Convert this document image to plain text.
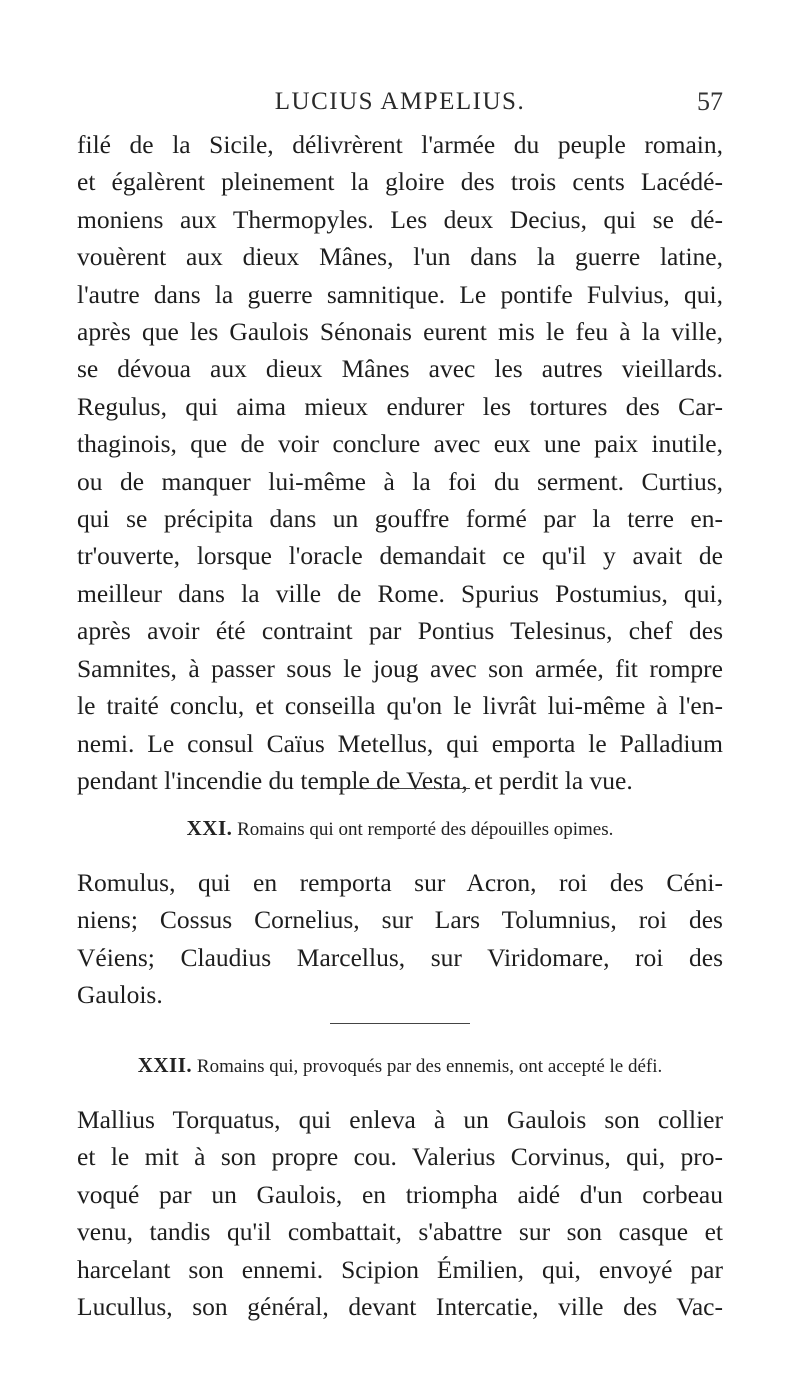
LUCIUS AMPELIUS.	57
filé de la Sicile, délivrèrent l'armée du peuple romain,
et égalèrent pleinement la gloire des trois cents Lacédé-
moniens aux Thermopyles. Les deux Decius, qui se dé-
vouèrent aux dieux Mânes, l'un dans la guerre latine,
l'autre dans la guerre samnitique. Le pontife Fulvius, qui,
après que les Gaulois Sénonais eurent mis le feu à la ville,
se dévoua aux dieux Mânes avec les autres vieillards.
Regulus, qui aima mieux endurer les tortures des Car-
thaginois, que de voir conclure avec eux une paix inutile,
ou de manquer lui-même à la foi du serment. Curtius,
qui se précipita dans un gouffre formé par la terre en-
tr'ouverte, lorsque l'oracle demandait ce qu'il y avait de
meilleur dans la ville de Rome. Spurius Postumius, qui,
après avoir été contraint par Pontius Telesinus, chef des
Samnites, à passer sous le joug avec son armée, fit rompre
le traité conclu, et conseilla qu'on le livrât lui-même à l'en-
nemi. Le consul Caïus Metellus, qui emporta le Palladium
pendant l'incendie du temple de Vesta, et perdit la vue.
XXI. Romains qui ont remporté des dépouilles opimes.
Romulus, qui en remporta sur Acron, roi des Céni-
niens; Cossus Cornelius, sur Lars Tolumnius, roi des
Véiens; Claudius Marcellus, sur Viridomare, roi des
Gaulois.
XXII. Romains qui, provoqués par des ennemis, ont accepté le défi.
Mallius Torquatus, qui enleva à un Gaulois son collier
et le mit à son propre cou. Valerius Corvinus, qui, pro-
voqué par un Gaulois, en triompha aidé d'un corbeau
venu, tandis qu'il combattait, s'abattre sur son casque et
harcelant son ennemi. Scipion Émilien, qui, envoyé par
Lucullus, son général, devant Intercatie, ville des Vac-
